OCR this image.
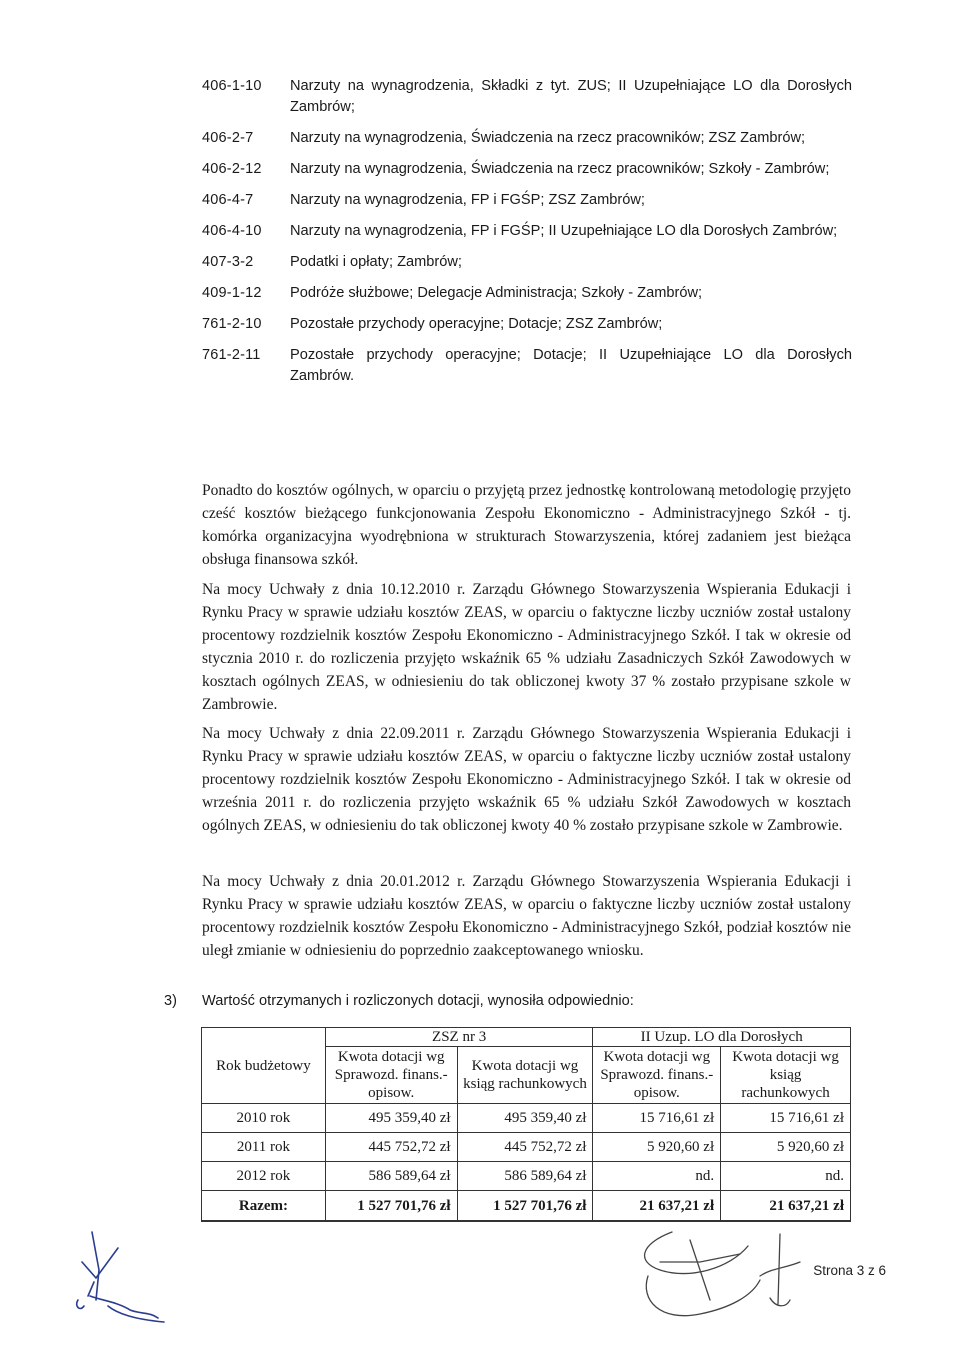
406-1-10	Narzuty na wynagrodzenia, Składki z tyt. ZUS; II Uzupełniające LO dla Dorosłych Zambrów;
406-2-7	Narzuty na wynagrodzenia, Świadczenia na rzecz pracowników; ZSZ Zambrów;
406-2-12	Narzuty na wynagrodzenia, Świadczenia na rzecz pracowników; Szkoły - Zambrów;
406-4-7	Narzuty na wynagrodzenia, FP i FGŚP; ZSZ Zambrów;
406-4-10	Narzuty na wynagrodzenia, FP i FGŚP; II Uzupełniające LO dla Dorosłych Zambrów;
407-3-2	Podatki i opłaty; Zambrów;
409-1-12	Podróże służbowe; Delegacje Administracja; Szkoły - Zambrów;
761-2-10	Pozostałe przychody operacyjne; Dotacje; ZSZ Zambrów;
761-2-11	Pozostałe przychody operacyjne; Dotacje; II Uzupełniające LO dla Dorosłych Zambrów.

Ponadto do kosztów ogólnych, w oparciu o przyjętą przez jednostkę kontrolowaną metodologię przyjęto cześć kosztów bieżącego funkcjonowania Zespołu Ekonomiczno - Administracyjnego Szkół - tj. komórka organizacyjna wyodrębniona w strukturach Stowarzyszenia, której zadaniem jest bieżąca obsługa finansowa szkół.

Na mocy Uchwały z dnia 10.12.2010 r. Zarządu Głównego Stowarzyszenia Wspierania Edukacji i Rynku Pracy w sprawie udziału kosztów ZEAS, w oparciu o faktyczne liczby uczniów został ustalony procentowy rozdzielnik kosztów Zespołu Ekonomiczno - Administracyjnego Szkół. I tak w okresie od stycznia 2010 r. do rozliczenia przyjęto wskaźnik 65 % udziału Zasadniczych Szkół Zawodowych w kosztach ogólnych ZEAS, w odniesieniu do tak obliczonej kwoty 37 % zostało przypisane szkole w Zambrowie.

Na mocy Uchwały z dnia 22.09.2011 r. Zarządu Głównego Stowarzyszenia Wspierania Edukacji i Rynku Pracy w sprawie udziału kosztów ZEAS, w oparciu o faktyczne liczby uczniów został ustalony procentowy rozdzielnik kosztów Zespołu Ekonomiczno - Administracyjnego Szkół. I tak w okresie od września 2011 r. do rozliczenia przyjęto wskaźnik 65 % udziału Szkół Zawodowych w kosztach ogólnych ZEAS, w odniesieniu do tak obliczonej kwoty 40 % zostało przypisane szkole w Zambrowie.

Na mocy Uchwały z dnia 20.01.2012 r. Zarządu Głównego Stowarzyszenia Wspierania Edukacji i Rynku Pracy w sprawie udziału kosztów ZEAS, w oparciu o faktyczne liczby uczniów został ustalony procentowy rozdzielnik kosztów Zespołu Ekonomiczno - Administracyjnego Szkół, podział kosztów nie uległ zmianie w odniesieniu do poprzednio zaakceptowanego wniosku.

3) Wartość otrzymanych i rozliczonych dotacji, wynosiła odpowiednio:
Rok budżetowy	ZSZ nr 3		II Uzup. LO dla Dorosłych	
	Kwota dotacji wg Sprawozd. finans.-opisow.	Kwota dotacji wg ksiąg rachunkowych	Kwota dotacji wg Sprawozd. finans.-opisow.	Kwota dotacji wg ksiąg rachunkowych
2010 rok	495 359,40 zł	495 359,40 zł	15 716,61 zł	15 716,61 zł
2011 rok	445 752,72 zł	445 752,72 zł	5 920,60 zł	5 920,60 zł
2012 rok	586 589,64 zł	586 589,64 zł	nd.	nd.
Razem:	1 527 701,76 zł	1 527 701,76 zł	21 637,21 zł	21 637,21 zł
Strona 3 z 6
